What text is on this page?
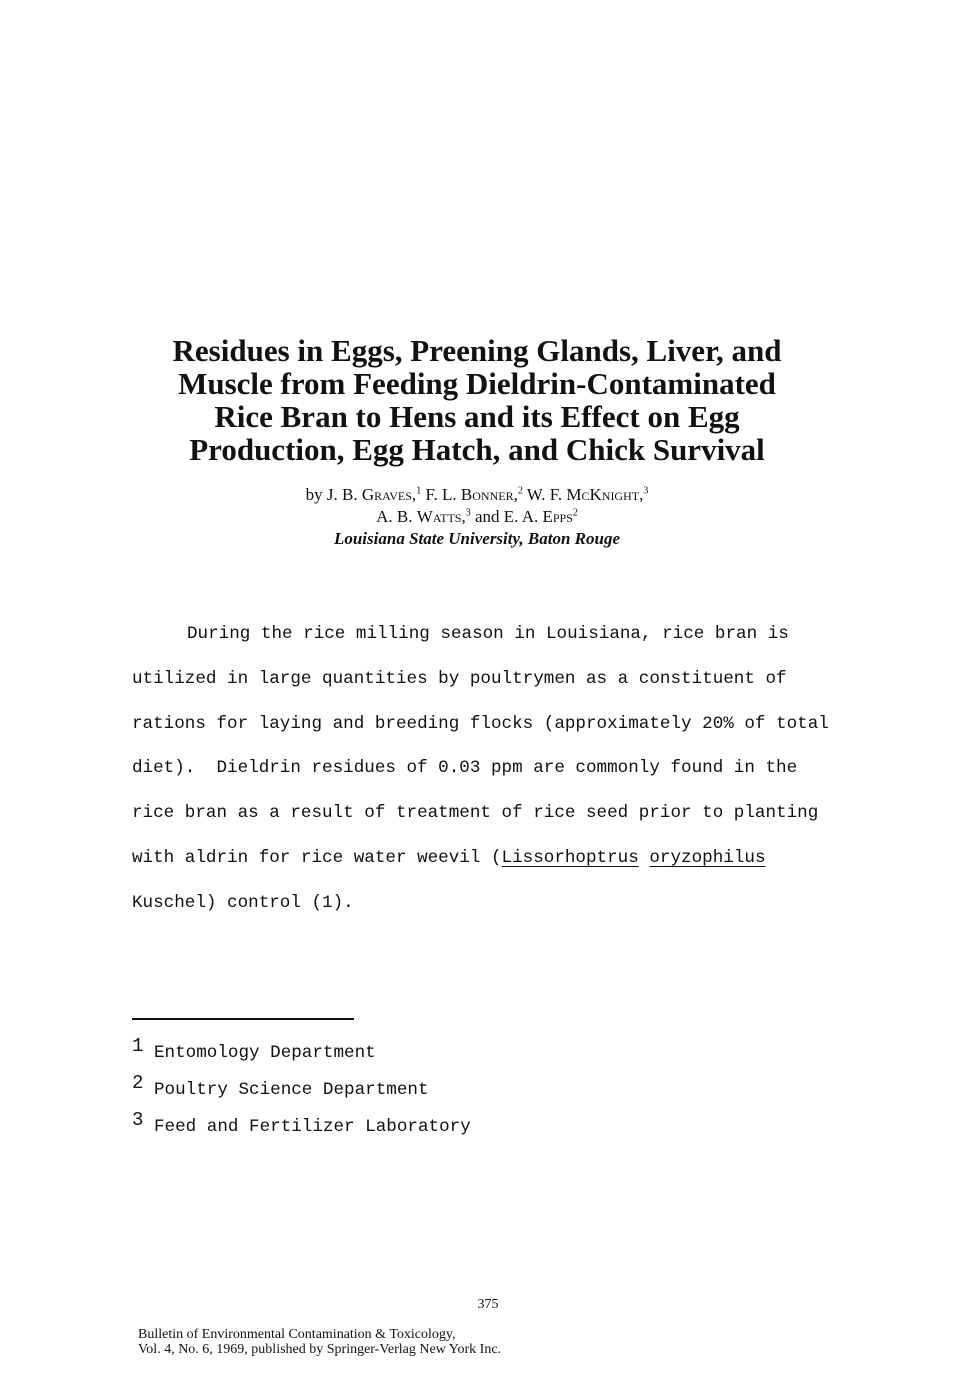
Residues in Eggs, Preening Glands, Liver, and
Muscle from Feeding Dieldrin-Contaminated
Rice Bran to Hens and its Effect on Egg
Production, Egg Hatch, and Chick Survival
by J. B. Graves,$^1$ F. L. Bonner,$^2$ W. F. McKnight,$^3$
A. B. Watts,$^3$ and E. A. Epps$^2$
Louisiana State University, Baton Rouge
During the rice milling season in Louisiana, rice bran is
utilized in large quantities by poultrymen as a constituent of
rations for laying and breeding flocks (approximately 20% of total
diet).  Dieldrin residues of 0.03 ppm are commonly found in the
rice bran as a result of treatment of rice seed prior to planting
with aldrin for rice water weevil (Lissorhoptrus oryzophilus
Kuschel) control (1).
1 Entomology Department
2 Poultry Science Department
3 Feed and Fertilizer Laboratory
375
Bulletin of Environmental Contamination & Toxicology,
Vol. 4, No. 6, 1969, published by Springer-Verlag New York Inc.
